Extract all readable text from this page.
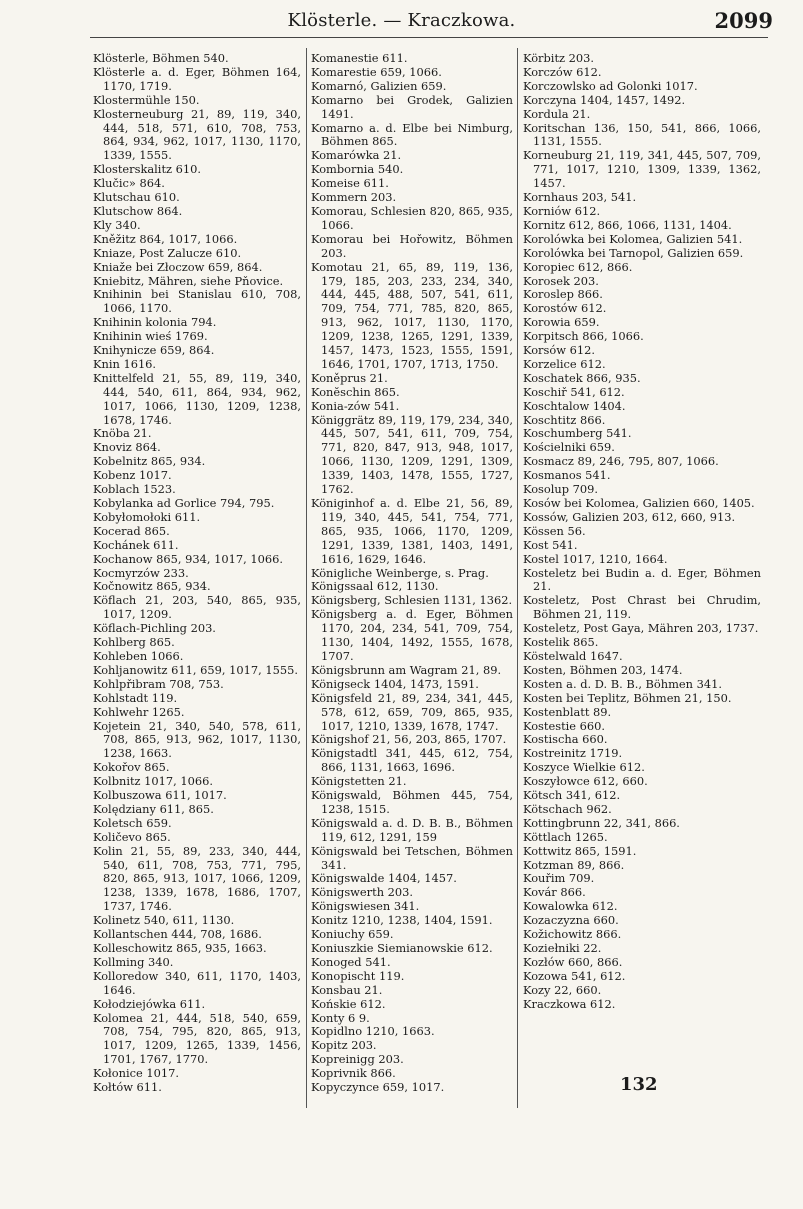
Klösterle. — Kraczkowa.	2099
Klösterle, Böhmen 540.
Klösterle a. d. Eger, Böhmen 164, 1170, 1719.
Klostermühle 150.
Klosterneuburg 21, 89, 119, 340, 444, 518, 571, 610, 708, 753, 864, 934, 962, 1017, 1130, 1170, 1339, 1555.
Klosterskalitz 610.
Klučic» 864.
Klutschau 610.
Klutschow 864.
Kly 340.
Kněžitz 864, 1017, 1066.
Kniaze, Post Zalucze 610.
Kniaže bei Złoczow 659, 864.
Kniebitz, Mähren, siehe Pňovice.
Knihinin bei Stanislau 610, 708, 1066, 1170.
Knihinin kolonia 794.
Knihinin wieś 1769.
Knihynicze 659, 864.
Knin 1616.
Knittelfeld 21, 55, 89, 119, 340, 444, 540, 611, 864, 934, 962, 1017, 1066, 1130, 1209, 1238, 1678, 1746.
Knöba 21.
Knoviz 864.
Kobelnitz 865, 934.
Kobenz 1017.
Koblach 1523.
Kobylanka ad Gorlice 794, 795.
Kobyłomołoki 611.
Kocerad 865.
Kochánek 611.
Kochanow 865, 934, 1017, 1066.
Kocmyrzów 233.
Kočnowitz 865, 934.
Köflach 21, 203, 540, 865, 935, 1017, 1209.
Köflach-Pichling 203.
Kohlberg 865.
Kohleben 1066.
Kohljanowitz 611, 659, 1017, 1555.
Kohlpřibram 708, 753.
Kohlstadt 119.
Kohlwehr 1265.
Kojetein 21, 340, 540, 578, 611, 708, 865, 913, 962, 1017, 1130, 1238, 1663.
Kokořov 865.
Kolbnitz 1017, 1066.
Kolbuszowa 611, 1017.
Kolędziany 611, 865.
Koletsch 659.
Količevo 865.
Kolin 21, 55, 89, 233, 340, 444, 540, 611, 708, 753, 771, 795, 820, 865, 913, 1017, 1066, 1209, 1238, 1339, 1678, 1686, 1707, 1737, 1746.
Kolinetz 540, 611, 1130.
Kollantschen 444, 708, 1686.
Kolleschowitz 865, 935, 1663.
Kollming 340.
Kolloredow 340, 611, 1170, 1403, 1646.
Kołodziejówka 611.
Kolomea 21, 444, 518, 540, 659, 708, 754, 795, 820, 865, 913, 1017, 1209, 1265, 1339, 1456, 1701, 1767, 1770.
Kołonice 1017.
Kołtów 611.
Komanestie 611.
Komarestie 659, 1066.
Komarnó, Galizien 659.
Komarno bei Grodek, Galizien 1491.
Komarno a. d. Elbe bei Nimburg, Böhmen 865.
Komarówka 21.
Kombornia 540.
Komeise 611.
Kommern 203.
Komorau, Schlesien 820, 865, 935, 1066.
Komorau bei Hořowitz, Böhmen 203.
Komotau 21, 65, 89, 119, 136, 179, 185, 203, 233, 234, 340, 444, 445, 488, 507, 541, 611, 709, 754, 771, 785, 820, 865, 913, 962, 1017, 1130, 1170, 1209, 1238, 1265, 1291, 1339, 1457, 1473, 1523, 1555, 1591, 1646, 1701, 1707, 1713, 1750.
Koněprus 21.
Konĕschin 865.
Konia-zów 541.
Königgrätz 89, 119, 179, 234, 340, 445, 507, 541, 611, 709, 754, 771, 820, 847, 913, 948, 1017, 1066, 1130, 1209, 1291, 1309, 1339, 1403, 1478, 1555, 1727, 1762.
Königinhof a. d. Elbe 21, 56, 89, 119, 340, 445, 541, 754, 771, 865, 935, 1066, 1170, 1209, 1291, 1339, 1381, 1403, 1491, 1616, 1629, 1646.
Königliche Weinberge, s. Prag.
Königssaal 612, 1130.
Königsberg, Schlesien 1131, 1362.
Königsberg a. d. Eger, Böhmen 1170, 204, 234, 541, 709, 754, 1130, 1404, 1492, 1555, 1678, 1707.
Königsbrunn am Wagram 21, 89.
Königseck 1404, 1473, 1591.
Königsfeld 21, 89, 234, 341, 445, 578, 612, 659, 709, 865, 935, 1017, 1210, 1339, 1678, 1747.
Königshof 21, 56, 203, 865, 1707.
Königstadtl 341, 445, 612, 754, 866, 1131, 1663, 1696.
Königstetten 21.
Königswald, Böhmen 445, 754, 1238, 1515.
Königswald a. d. D. B. B., Böhmen 119, 612, 1291, 159
Königswald bei Tetschen, Böhmen 341.
Königswalde 1404, 1457.
Königswerth 203.
Königswiesen 341.
Konitz 1210, 1238, 1404, 1591.
Koniuchy 659.
Koniuszkie Siemianowskie 612.
Konoged 541.
Konopischt 119.
Konsbau 21.
Końskie 612.
Konty 6 9.
Kopidlno 1210, 1663.
Kopitz 203.
Kopreinigg 203.
Koprivnik 866.
Kopyczynce 659, 1017.
Körbitz 203.
Korczów 612.
Korczowlsko ad Golonki 1017.
Korczyna 1404, 1457, 1492.
Kordula 21.
Koritschan 136, 150, 541, 866, 1066, 1131, 1555.
Korneuburg 21, 119, 341, 445, 507, 709, 771, 1017, 1210, 1309, 1339, 1362, 1457.
Kornhaus 203, 541.
Korniów 612.
Kornitz 612, 866, 1066, 1131, 1404.
Korolówka bei Kolomea, Galizien 541.
Korolówka bei Tarnopol, Galizien 659.
Koropiec 612, 866.
Korosek 203.
Koroslep 866.
Korostów 612.
Korowia 659.
Korpitsch 866, 1066.
Korsów 612.
Korzelice 612.
Koschatek 866, 935.
Koschiř 541, 612.
Koschtalow 1404.
Koschtitz 866.
Koschumberg 541.
Kościelniki 659.
Kosmacz 89, 246, 795, 807, 1066.
Kosmanos 541.
Kosolup 709.
Kosów bei Kolomea, Galizien 660, 1405.
Kossów, Galizien 203, 612, 660, 913.
Kössen 56.
Kost 541.
Kostel 1017, 1210, 1664.
Kosteletz bei Budin a. d. Eger, Böhmen 21.
Kosteletz, Post Chrast bei Chrudim, Böhmen 21, 119.
Kosteletz, Post Gaya, Mähren 203, 1737.
Kostelik 865.
Köstelwald 1647.
Kosten, Böhmen 203, 1474.
Kosten a. d. D. B. B., Böhmen 341.
Kosten bei Teplitz, Böhmen 21, 150.
Kostenblatt 89.
Kostestie 660.
Kostischa 660.
Kostreinitz 1719.
Koszyce Wielkie 612.
Koszyłowce 612, 660.
Kötsch 341, 612.
Kötschach 962.
Kottingbrunn 22, 341, 866.
Köttlach 1265.
Kottwitz 865, 1591.
Kotzman 89, 866.
Kouřim 709.
Kovár 866.
Kowalowka 612.
Kozaczyzna 660.
Kožichowitz 866.
Koziełniki 22.
Kozłów 660, 866.
Kozowa 541, 612.
Kozy 22, 660.
Kraczkowa 612.
132
